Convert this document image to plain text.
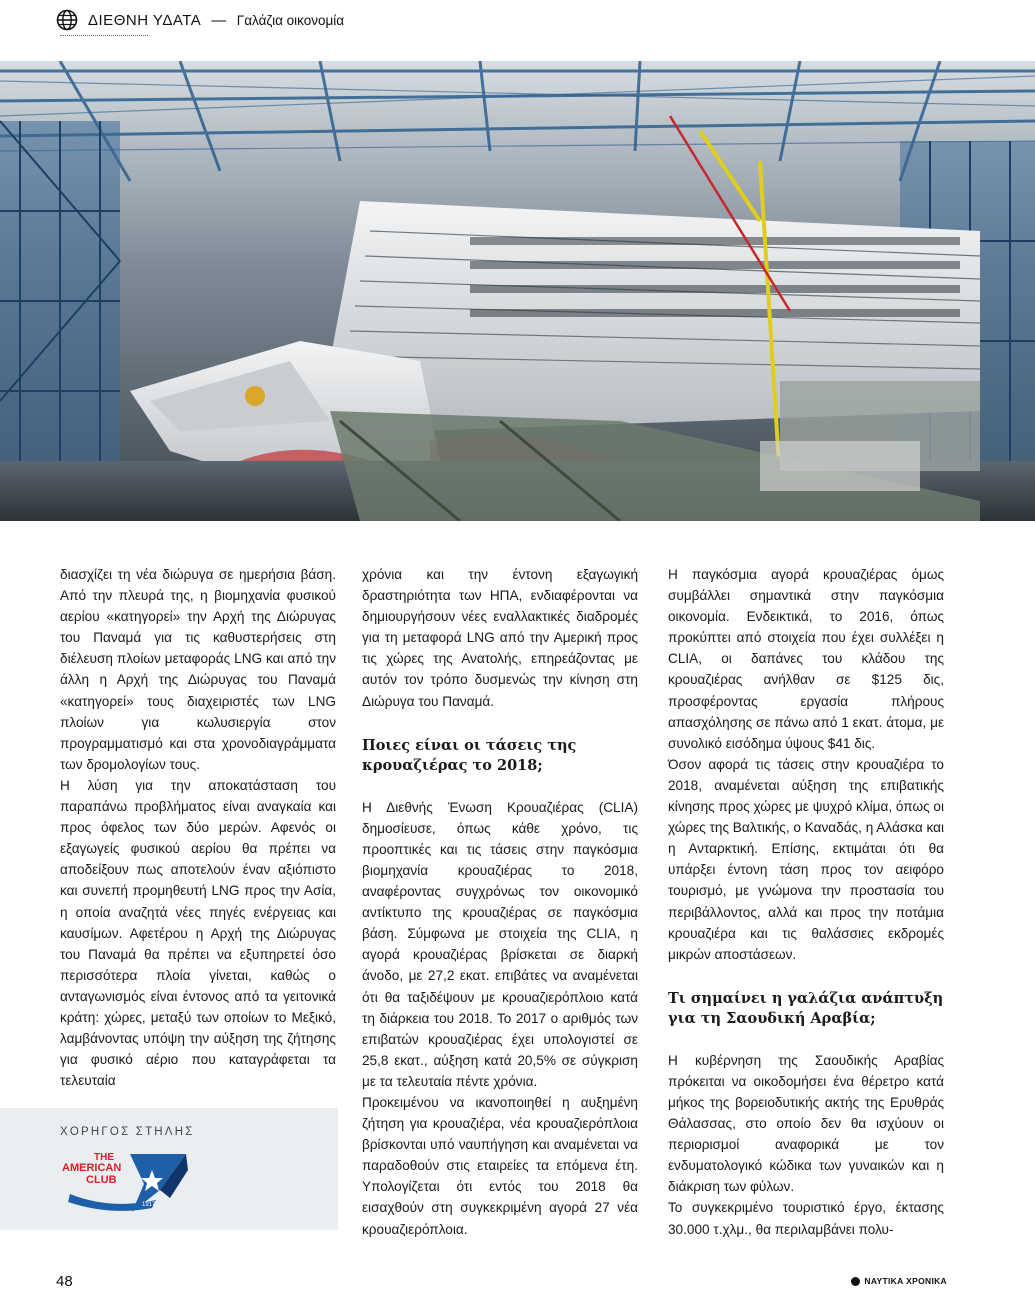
ΔΙΕΘΝΗ ΥΔΑΤΑ — Γαλάζια οικονομία

διασχίζει τη νέα διώρυγα σε ημερήσια βάση. Από την πλευρά της, η βιομηχανία φυσικού αερίου «κατηγορεί» την Αρχή της Διώρυγας του Παναμά για τις καθυστερήσεις στη διέλευση πλοίων μεταφοράς LNG και από την άλλη η Αρχή της Διώρυγας του Παναμά «κατηγορεί» τους διαχειριστές των LNG πλοίων για κωλυσιεργία στον προγραμματισμό και στα χρονοδιαγράμματα των δρομολογίων τους.

Η λύση για την αποκατάσταση του παραπάνω προβλήματος είναι αναγκαία και προς όφελος των δύο μερών. Αφενός οι εξαγωγείς φυσικού αερίου θα πρέπει να αποδείξουν πως αποτελούν έναν αξιόπιστο και συνεπή προμηθευτή LNG προς την Ασία, η οποία αναζητά νέες πηγές ενέργειας και καυσίμων. Αφετέρου η Αρχή της Διώρυγας του Παναμά θα πρέπει να εξυπηρετεί όσο περισσότερα πλοία γίνεται, καθώς ο ανταγωνισμός είναι έντονος από τα γειτονικά κράτη: χώρες, μεταξύ των οποίων το Μεξικό, λαμβάνοντας υπόψη την αύξηση της ζήτησης για φυσικό αέριο που καταγράφεται τα τελευταία

χρόνια και την έντονη εξαγωγική δραστηριότητα των ΗΠΑ, ενδιαφέρονται να δημιουργήσουν νέες εναλλακτικές διαδρομές για τη μεταφορά LNG από την Αμερική προς τις χώρες της Ανατολής, επηρεάζοντας με αυτόν τον τρόπο δυσμενώς την κίνηση στη Διώρυγα του Παναμά.

Ποιες είναι οι τάσεις της κρουαζιέρας το 2018;

Η Διεθνής Ένωση Κρουαζιέρας (CLIA) δημοσίευσε, όπως κάθε χρόνο, τις προοπτικές και τις τάσεις στην παγκόσμια βιομηχανία κρουαζιέρας το 2018, αναφέροντας συγχρόνως τον οικονομικό αντίκτυπο της κρουαζιέρας σε παγκόσμια βάση. Σύμφωνα με στοιχεία της CLIA, η αγορά κρουαζιέρας βρίσκεται σε διαρκή άνοδο, με 27,2 εκατ. επιβάτες να αναμένεται ότι θα ταξιδέψουν με κρουαζιερόπλοιο κατά τη διάρκεια του 2018. Το 2017 ο αριθμός των επιβατών κρουαζιέρας έχει υπολογιστεί σε 25,8 εκατ., αύξηση κατά 20,5% σε σύγκριση με τα τελευταία πέντε χρόνια.

Προκειμένου να ικανοποιηθεί η αυξημένη ζήτηση για κρουαζιέρα, νέα κρουαζιερόπλοια βρίσκονται υπό ναυπήγηση και αναμένεται να παραδοθούν στις εταιρείες τα επόμενα έτη. Υπολογίζεται ότι εντός του 2018 θα εισαχθούν στη συγκεκριμένη αγορά 27 νέα κρουαζιερόπλοια.

Η παγκόσμια αγορά κρουαζιέρας όμως συμβάλλει σημαντικά στην παγκόσμια οικονομία. Ενδεικτικά, το 2016, όπως προκύπτει από στοιχεία που έχει συλλέξει η CLIA, οι δαπάνες του κλάδου της κρουαζιέρας ανήλθαν σε $125 δις, προσφέροντας εργασία πλήρους απασχόλησης σε πάνω από 1 εκατ. άτομα, με συνολικό εισόδημα ύψους $41 δις.

Όσον αφορά τις τάσεις στην κρουαζιέρα το 2018, αναμένεται αύξηση της επιβατικής κίνησης προς χώρες με ψυχρό κλίμα, όπως οι χώρες της Βαλτικής, ο Καναδάς, η Αλάσκα και η Ανταρκτική. Επίσης, εκτιμάται ότι θα υπάρξει έντονη τάση προς τον αειφόρο τουρισμό, με γνώμονα την προστασία του περιβάλλοντος, αλλά και προς την ποτάμια κρουαζιέρα και τις θαλάσσιες εκδρομές μικρών αποστάσεων.

Τι σημαίνει η γαλάζια ανάπτυξη για τη Σαουδική Αραβία;

Η κυβέρνηση της Σαουδικής Αραβίας πρόκειται να οικοδομήσει ένα θέρετρο κατά μήκος της βορειοδυτικής ακτής της Ερυθράς Θάλασσας, στο οποίο δεν θα ισχύουν οι περιορισμοί αναφορικά με τον ενδυματολογικό κώδικα των γυναικών και η διάκριση των φύλων.

Το συγκεκριμένο τουριστικό έργο, έκτασης 30.000 τ.χλμ., θα περιλαμβάνει πολυ-

ΧΟΡΗΓΟΣ ΣΤΗΛΗΣ
THE
AMERICAN
CLUB
1917
48	ΝΑΥΤΙΚΑ ΧΡΟΝΙΚΑ
